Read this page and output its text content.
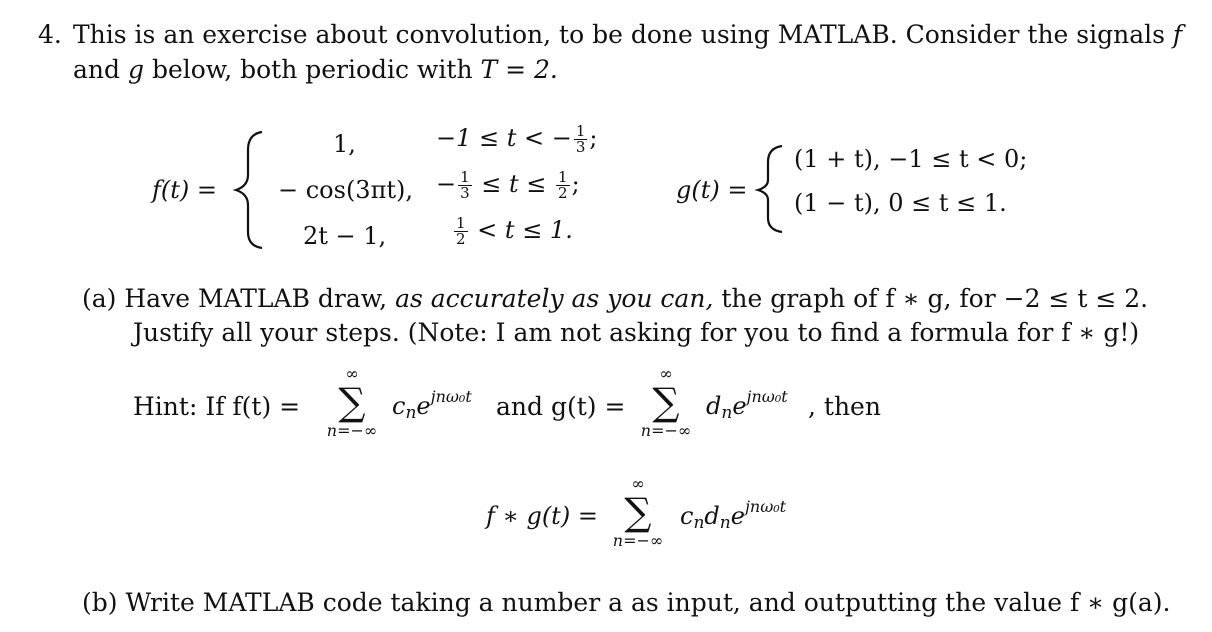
4. This is an exercise about convolution, to be done using MATLAB. Consider the signals f
and g below, both periodic with T = 2.
f(t) =
1,	−1 ≤ t < − $\frac{1}{3}$ ;
− cos(3πt), − $\frac{1}{3} \le t \le \frac{1}{2}$ ;
2t − 1,	$\frac{1}{2} < t \le 1$.
g(t) =
(1 + t), −1 ≤ t < 0;
(1 − t), 0 ≤ t ≤ 1.
(a) Have MATLAB draw, as accurately as you can, the graph of f ∗ g, for −2 ≤ t ≤ 2.
Justify all your steps. (Note: I am not asking for you to find a formula for f ∗ g!)
Hint: If f(t) =
∞
∑
n=−∞
cne$^{jn\omega_0t}$ and g(t) =
∞
∑
n=−∞
dne$^{jn\omega_0t}$ , then
f ∗ g(t) =
∞
∑
n=−∞
cndne$^{jn\omega_0t}$
(b) Write MATLAB code taking a number a as input, and outputting the value f ∗ g(a).
